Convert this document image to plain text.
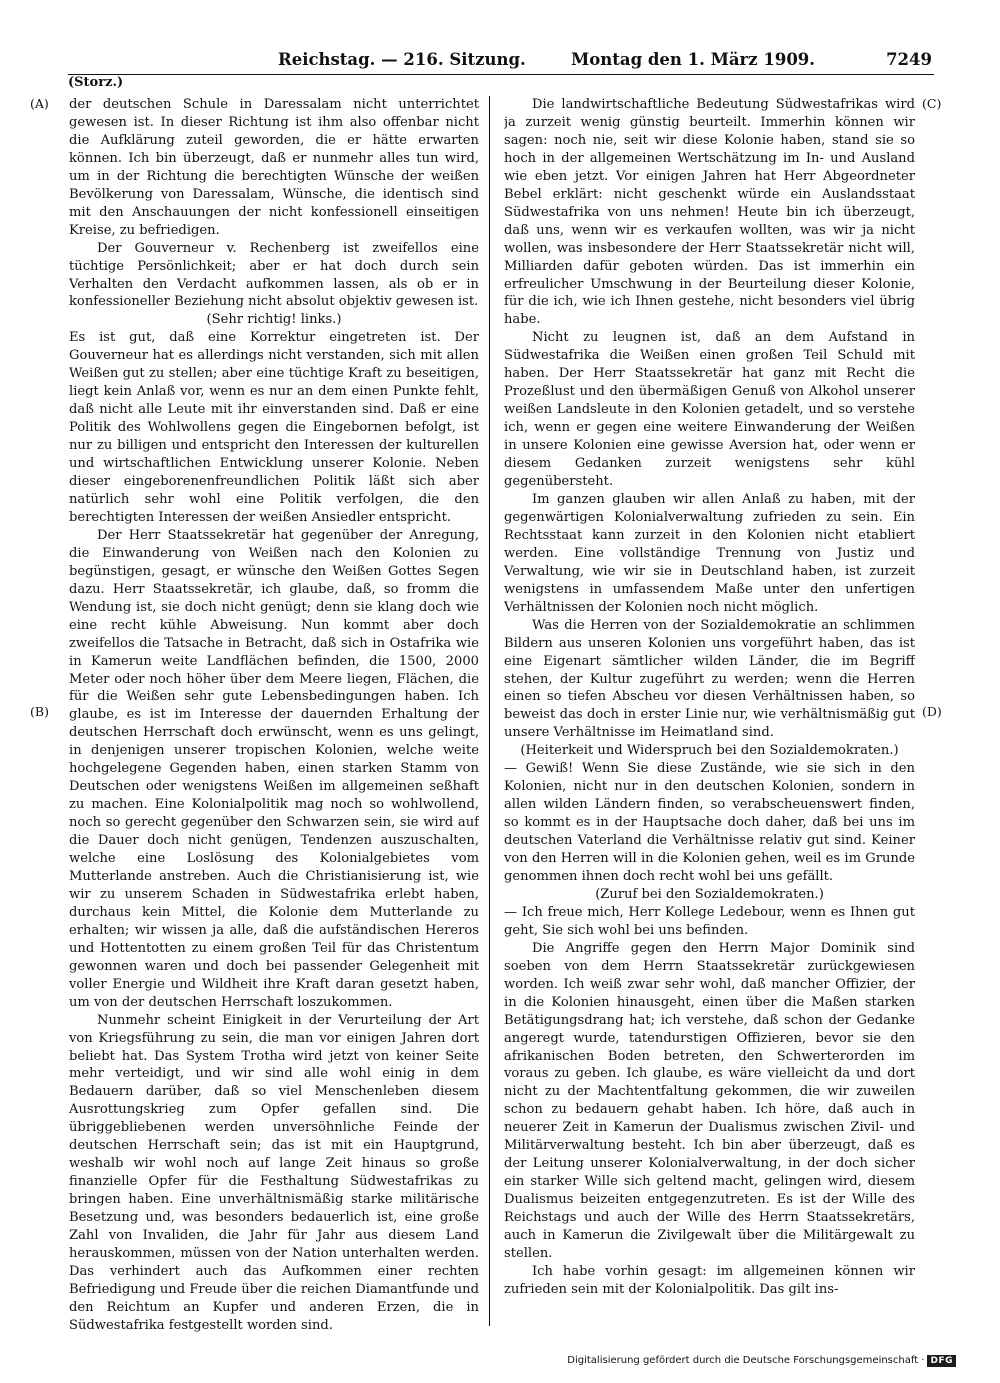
Reichstag. — 216. Sitzung.	Montag den 1. März 1909.	7249
(Storz.)
(A)
(B)
(C)
(D)

der deutschen Schule in Daressalam nicht unterrichtet gewesen ist. In dieser Richtung ist ihm also offenbar nicht die Aufklärung zuteil geworden, die er hätte erwarten können. Ich bin überzeugt, daß er nunmehr alles tun wird, um in der Richtung die berechtigten Wünsche der weißen Bevölkerung von Daressalam, Wünsche, die identisch sind mit den Anschauungen der nicht konfessionell einseitigen Kreise, zu befriedigen.

Der Gouverneur v. Rechenberg ist zweifellos eine tüchtige Persönlichkeit; aber er hat doch durch sein Verhalten den Verdacht aufkommen lassen, als ob er in konfessioneller Beziehung nicht absolut objektiv gewesen ist.

(Sehr richtig! links.)

Es ist gut, daß eine Korrektur eingetreten ist. Der Gouverneur hat es allerdings nicht verstanden, sich mit allen Weißen gut zu stellen; aber eine tüchtige Kraft zu beseitigen, liegt kein Anlaß vor, wenn es nur an dem einen Punkte fehlt, daß nicht alle Leute mit ihr einverstanden sind. Daß er eine Politik des Wohlwollens gegen die Eingebornen befolgt, ist nur zu billigen und entspricht den Interessen der kulturellen und wirtschaftlichen Entwicklung unserer Kolonie. Neben dieser eingeborenenfreundlichen Politik läßt sich aber natürlich sehr wohl eine Politik verfolgen, die den berechtigten Interessen der weißen Ansiedler entspricht.

Der Herr Staatssekretär hat gegenüber der Anregung, die Einwanderung von Weißen nach den Kolonien zu begünstigen, gesagt, er wünsche den Weißen Gottes Segen dazu. Herr Staatssekretär, ich glaube, daß, so fromm die Wendung ist, sie doch nicht genügt; denn sie klang doch wie eine recht kühle Abweisung. Nun kommt aber doch zweifellos die Tatsache in Betracht, daß sich in Ostafrika wie in Kamerun weite Landflächen befinden, die 1500, 2000 Meter oder noch höher über dem Meere liegen, Flächen, die für die Weißen sehr gute Lebensbedingungen haben. Ich glaube, es ist im Interesse der dauernden Erhaltung der deutschen Herrschaft doch erwünscht, wenn es uns gelingt, in denjenigen unserer tropischen Kolonien, welche weite hochgelegene Gegenden haben, einen starken Stamm von Deutschen oder wenigstens Weißen im allgemeinen seßhaft zu machen. Eine Kolonialpolitik mag noch so wohlwollend, noch so gerecht gegenüber den Schwarzen sein, sie wird auf die Dauer doch nicht genügen, Tendenzen auszuschalten, welche eine Loslösung des Kolonialgebietes vom Mutterlande anstreben. Auch die Christianisierung ist, wie wir zu unserem Schaden in Südwestafrika erlebt haben, durchaus kein Mittel, die Kolonie dem Mutterlande zu erhalten; wir wissen ja alle, daß die aufständischen Hereros und Hottentotten zu einem großen Teil für das Christentum gewonnen waren und doch bei passender Gelegenheit mit voller Energie und Wildheit ihre Kraft daran gesetzt haben, um von der deutschen Herrschaft loszukommen.

Nunmehr scheint Einigkeit in der Verurteilung der Art von Kriegsführung zu sein, die man vor einigen Jahren dort beliebt hat. Das System Trotha wird jetzt von keiner Seite mehr verteidigt, und wir sind alle wohl einig in dem Bedauern darüber, daß so viel Menschenleben diesem Ausrottungskrieg zum Opfer gefallen sind. Die übriggebliebenen werden unversöhnliche Feinde der deutschen Herrschaft sein; das ist mit ein Hauptgrund, weshalb wir wohl noch auf lange Zeit hinaus so große finanzielle Opfer für die Festhaltung Südwestafrikas zu bringen haben. Eine unverhältnismäßig starke militärische Besetzung und, was besonders bedauerlich ist, eine große Zahl von Invaliden, die Jahr für Jahr aus diesem Land herauskommen, müssen von der Nation unterhalten werden. Das verhindert auch das Aufkommen einer rechten Befriedigung und Freude über die reichen Diamantfunde und den Reichtum an Kupfer und anderen Erzen, die in Südwestafrika festgestellt worden sind.

Die landwirtschaftliche Bedeutung Südwestafrikas wird ja zurzeit wenig günstig beurteilt. Immerhin können wir sagen: noch nie, seit wir diese Kolonie haben, stand sie so hoch in der allgemeinen Wertschätzung im In- und Ausland wie eben jetzt. Vor einigen Jahren hat Herr Abgeordneter Bebel erklärt: nicht geschenkt würde ein Auslandsstaat Südwestafrika von uns nehmen! Heute bin ich überzeugt, daß uns, wenn wir es verkaufen wollten, was wir ja nicht wollen, was insbesondere der Herr Staatssekretär nicht will, Milliarden dafür geboten würden. Das ist immerhin ein erfreulicher Umschwung in der Beurteilung dieser Kolonie, für die ich, wie ich Ihnen gestehe, nicht besonders viel übrig habe.

Nicht zu leugnen ist, daß an dem Aufstand in Südwestafrika die Weißen einen großen Teil Schuld mit haben. Der Herr Staatssekretär hat ganz mit Recht die Prozeßlust und den übermäßigen Genuß von Alkohol unserer weißen Landsleute in den Kolonien getadelt, und so verstehe ich, wenn er gegen eine weitere Einwanderung der Weißen in unsere Kolonien eine gewisse Aversion hat, oder wenn er diesem Gedanken zurzeit wenigstens sehr kühl gegenübersteht.

Im ganzen glauben wir allen Anlaß zu haben, mit der gegenwärtigen Kolonialverwaltung zufrieden zu sein. Ein Rechtsstaat kann zurzeit in den Kolonien nicht etabliert werden. Eine vollständige Trennung von Justiz und Verwaltung, wie wir sie in Deutschland haben, ist zurzeit wenigstens in umfassendem Maße unter den unfertigen Verhältnissen der Kolonien noch nicht möglich.

Was die Herren von der Sozialdemokratie an schlimmen Bildern aus unseren Kolonien uns vorgeführt haben, das ist eine Eigenart sämtlicher wilden Länder, die im Begriff stehen, der Kultur zugeführt zu werden; wenn die Herren einen so tiefen Abscheu vor diesen Verhältnissen haben, so beweist das doch in erster Linie nur, wie verhältnismäßig gut unsere Verhältnisse im Heimatland sind.

(Heiterkeit und Widerspruch bei den Sozialdemokraten.)

— Gewiß! Wenn Sie diese Zustände, wie sie sich in den Kolonien, nicht nur in den deutschen Kolonien, sondern in allen wilden Ländern finden, so verabscheuenswert finden, so kommt es in der Hauptsache doch daher, daß bei uns im deutschen Vaterland die Verhältnisse relativ gut sind. Keiner von den Herren will in die Kolonien gehen, weil es im Grunde genommen ihnen doch recht wohl bei uns gefällt.

(Zuruf bei den Sozialdemokraten.)

— Ich freue mich, Herr Kollege Ledebour, wenn es Ihnen gut geht, Sie sich wohl bei uns befinden.

Die Angriffe gegen den Herrn Major Dominik sind soeben von dem Herrn Staatssekretär zurückgewiesen worden. Ich weiß zwar sehr wohl, daß mancher Offizier, der in die Kolonien hinausgeht, einen über die Maßen starken Betätigungsdrang hat; ich verstehe, daß schon der Gedanke angeregt wurde, tatendurstigen Offizieren, bevor sie den afrikanischen Boden betreten, den Schwerterorden im voraus zu geben. Ich glaube, es wäre vielleicht da und dort nicht zu der Machtentfaltung gekommen, die wir zuweilen schon zu bedauern gehabt haben. Ich höre, daß auch in neuerer Zeit in Kamerun der Dualismus zwischen Zivil- und Militärverwaltung besteht. Ich bin aber überzeugt, daß es der Leitung unserer Kolonialverwaltung, in der doch sicher ein starker Wille sich geltend macht, gelingen wird, diesem Dualismus beizeiten entgegenzutreten. Es ist der Wille des Reichstags und auch der Wille des Herrn Staatssekretärs, auch in Kamerun die Zivilgewalt über die Militärgewalt zu stellen.

Ich habe vorhin gesagt: im allgemeinen können wir zufrieden sein mit der Kolonialpolitik. Das gilt ins-

Digitalisierung gefördert durch die Deutsche Forschungsgemeinschaft · DFG
